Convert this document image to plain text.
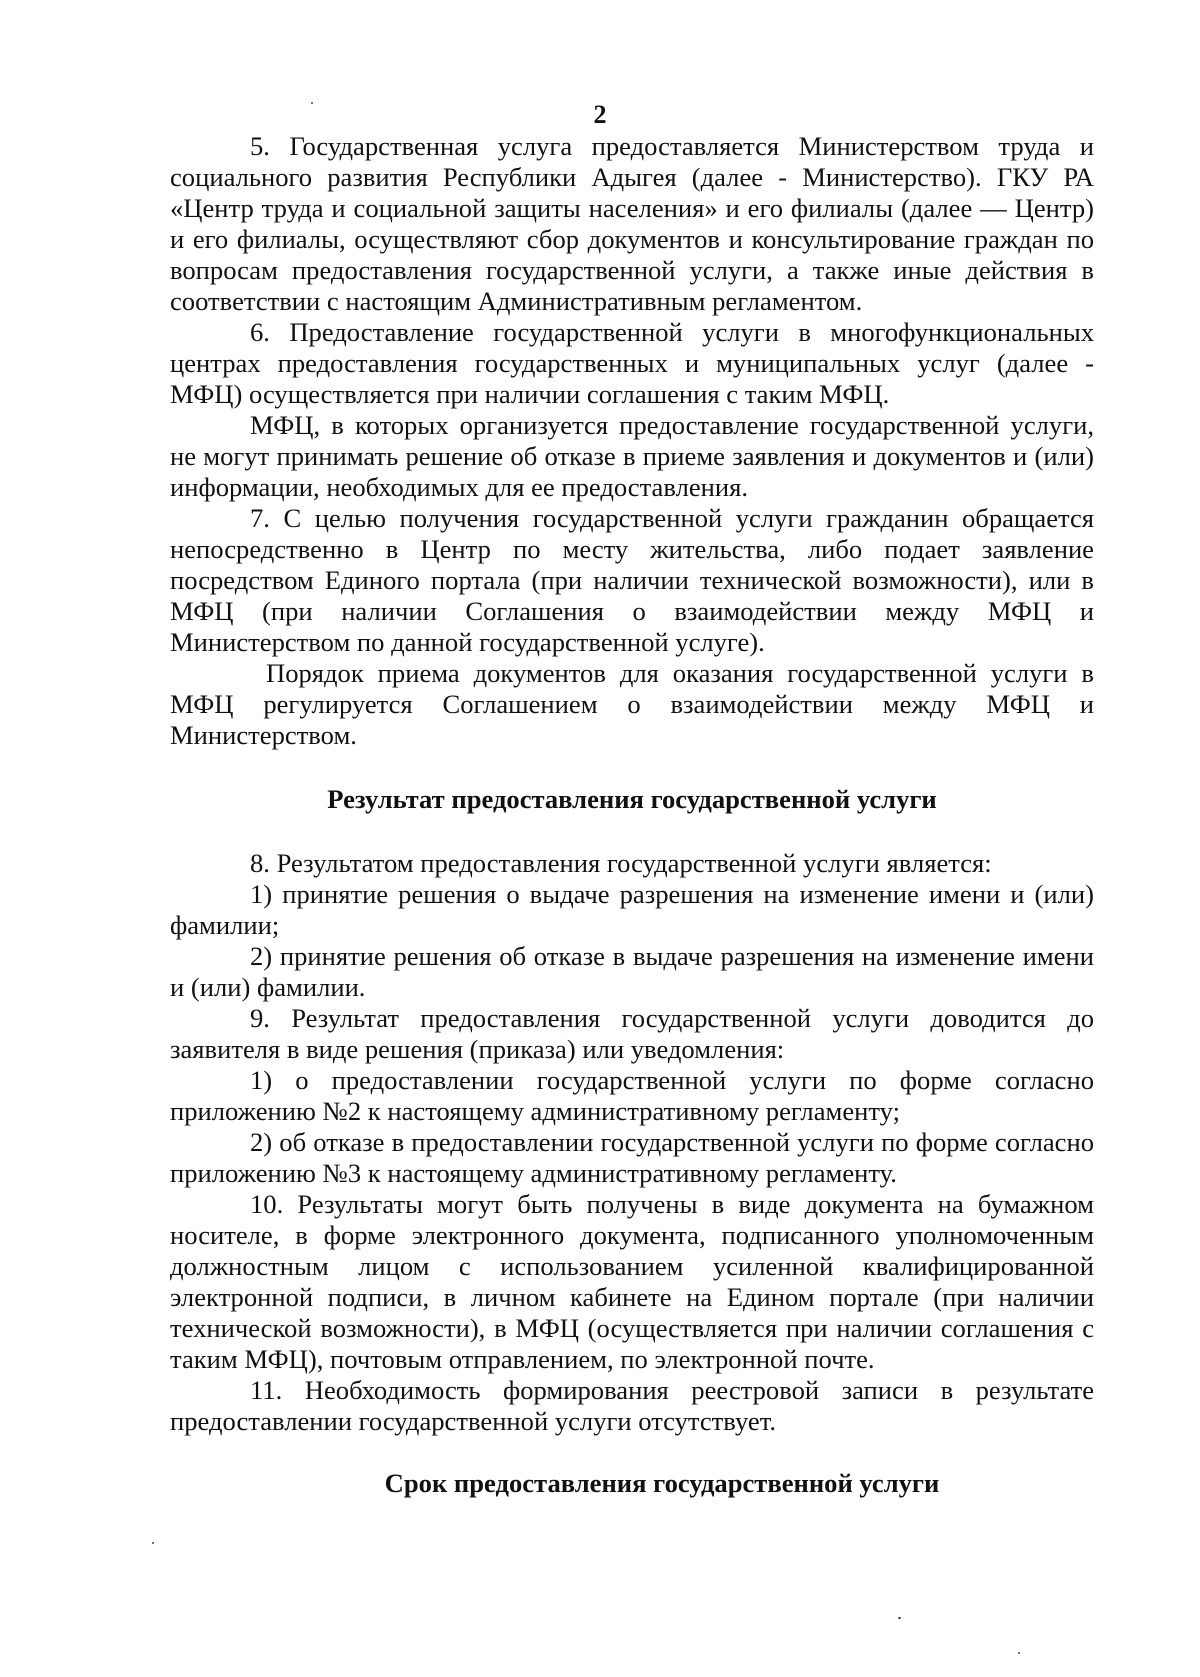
2

5. Государственная услуга предоставляется Министерством труда и социального развития Республики Адыгея (далее - Министерство). ГКУ РА «Центр труда и социальной защиты населения» и его филиалы (далее — Центр) и его филиалы, осуществляют сбор документов и консультирование граждан по вопросам предоставления государственной услуги, а также иные действия в соответствии с настоящим Административным регламентом.

6. Предоставление государственной услуги в многофункциональных центрах предоставления государственных и муниципальных услуг (далее - МФЦ) осуществляется при наличии соглашения с таким МФЦ.

МФЦ, в которых организуется предоставление государственной услуги, не могут принимать решение об отказе в приеме заявления и документов и (или) информации, необходимых для ее предоставления.

7. С целью получения государственной услуги гражданин обращается непосредственно в Центр по месту жительства, либо подает заявление посредством Единого портала (при наличии технической возможности), или в МФЦ (при наличии Соглашения о взаимодействии между МФЦ и Министерством по данной государственной услуге).

Порядок приема документов для оказания государственной услуги в МФЦ регулируется Соглашением о взаимодействии между МФЦ и Министерством.

Результат предоставления государственной услуги

8. Результатом предоставления государственной услуги является:

1) принятие решения о выдаче разрешения на изменение имени и (или) фамилии;

2) принятие решения об отказе в выдаче разрешения на изменение имени и (или) фамилии.

9. Результат предоставления государственной услуги доводится до заявителя в виде решения (приказа) или уведомления:

1) о предоставлении государственной услуги по форме согласно приложению №2 к настоящему административному регламенту;

2) об отказе в предоставлении государственной услуги по форме согласно приложению №3 к настоящему административному регламенту.

10. Результаты могут быть получены в виде документа на бумажном носителе, в форме электронного документа, подписанного уполномоченным должностным лицом с использованием усиленной квалифицированной электронной подписи, в личном кабинете на Едином портале (при наличии технической возможности), в МФЦ (осуществляется при наличии соглашения с таким МФЦ), почтовым отправлением, по электронной почте.

11. Необходимость формирования реестровой записи в результате предоставлении государственной услуги отсутствует.

Срок предоставления государственной услуги
